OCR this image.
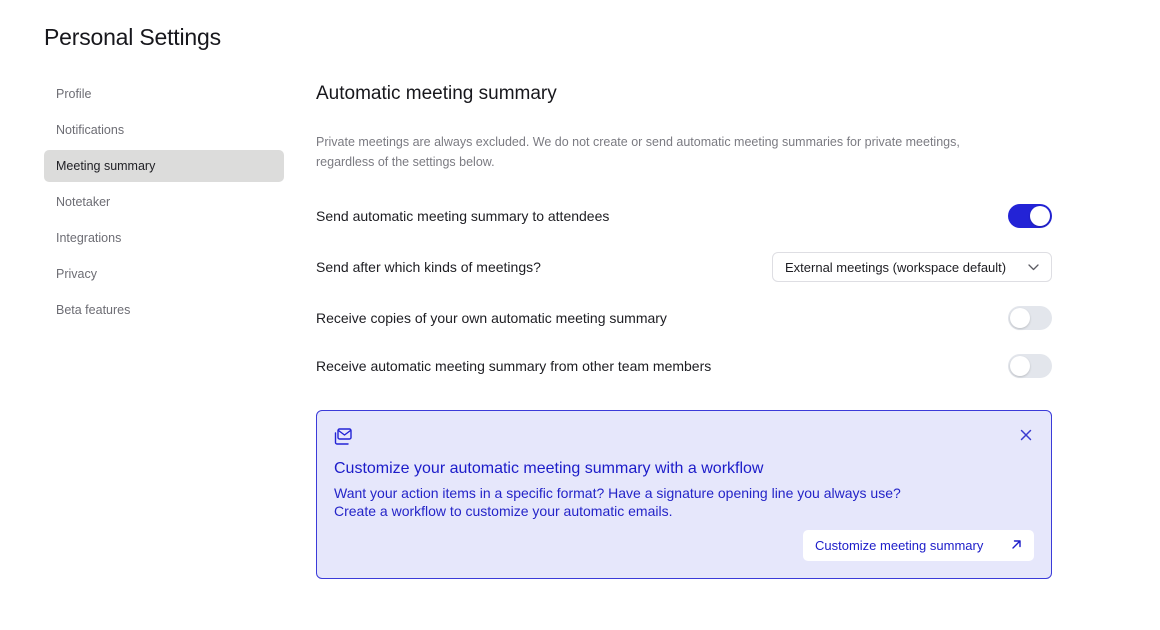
Personal Settings
Profile
Notifications
Meeting summary
Notetaker
Integrations
Privacy
Beta features
Automatic meeting summary

Private meetings are always excluded. We do not create or send automatic meeting summaries for private meetings, regardless of the settings below.

Send automatic meeting summary to attendees
Send after which kinds of meetings?	External meetings (workspace default)
Receive copies of your own automatic meeting summary
Receive automatic meeting summary from other team members
Customize your automatic meeting summary with a workflow
Want your action items in a specific format? Have a signature opening line you always use?
Create a workflow to customize your automatic emails.
Customize meeting summary
